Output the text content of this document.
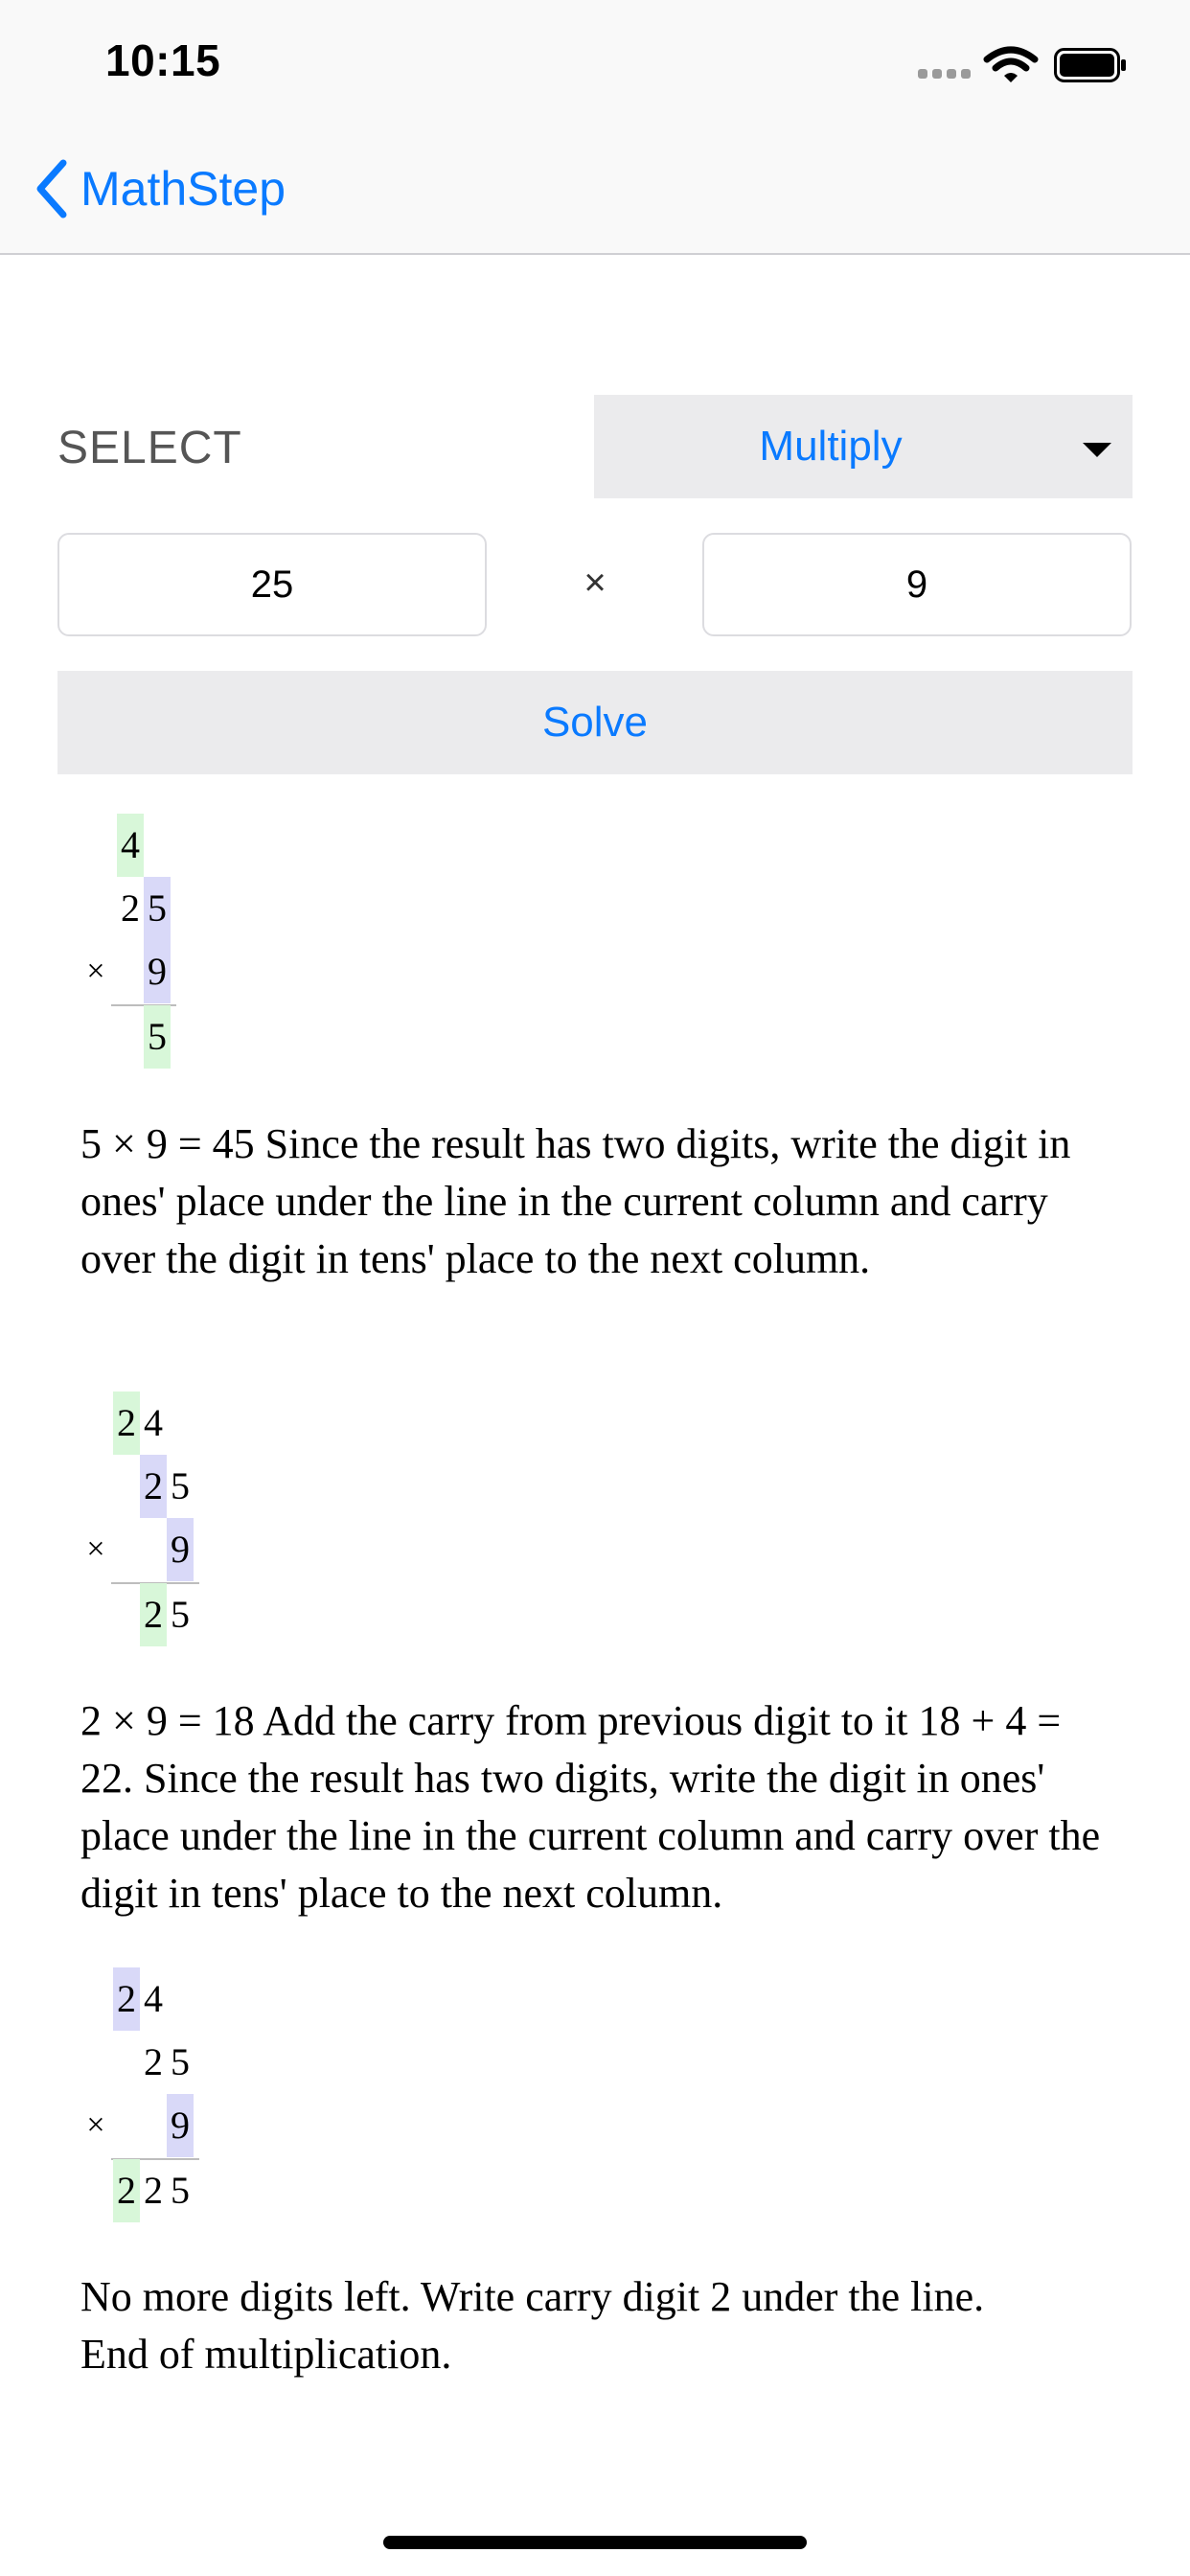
10:15
MathStep
SELECT	Multiply
25	×	9
Solve
4
2 5
× 9
5
5 × 9 = 45 Since the result has two digits, write the digit in ones' place under the line in the current column and carry over the digit in tens' place to the next column.
2 4
2 5
× 9
2 5
2 × 9 = 18 Add the carry from previous digit to it 18 + 4 = 22. Since the result has two digits, write the digit in ones' place under the line in the current column and carry over the digit in tens' place to the next column.
2 4
2 5
× 9
2 2 5
No more digits left. Write carry digit 2 under the line.
End of multiplication.
